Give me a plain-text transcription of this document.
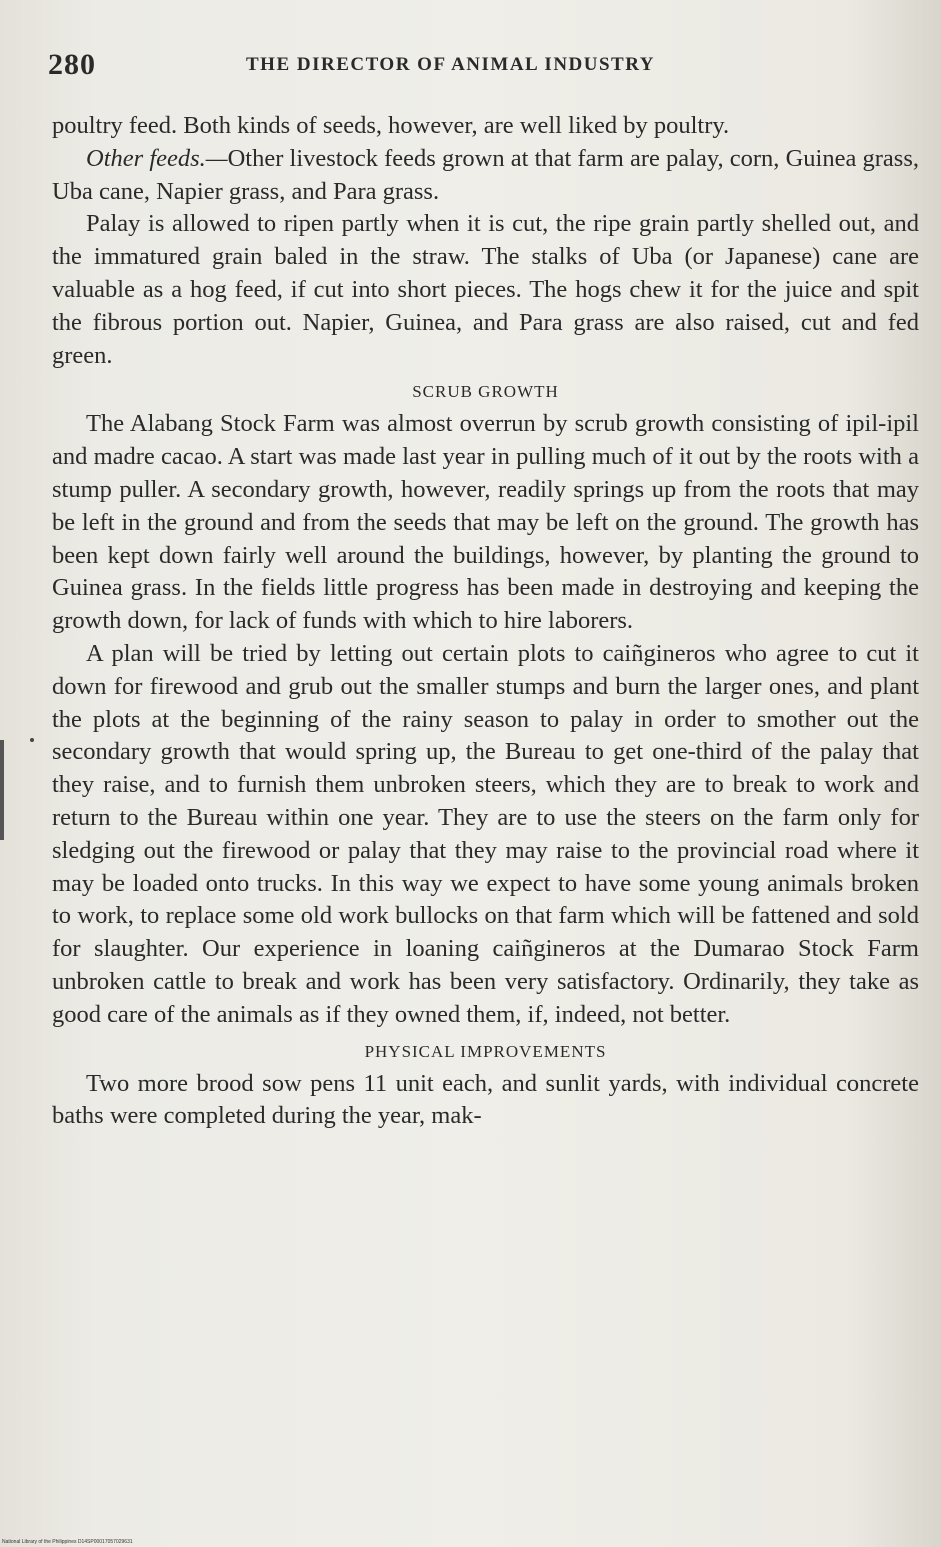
280	THE DIRECTOR OF ANIMAL INDUSTRY

poultry feed. Both kinds of seeds, however, are well liked by poultry.

Other feeds.—Other livestock feeds grown at that farm are palay, corn, Guinea grass, Uba cane, Napier grass, and Para grass.

Palay is allowed to ripen partly when it is cut, the ripe grain partly shelled out, and the immatured grain baled in the straw. The stalks of Uba (or Japanese) cane are valuable as a hog feed, if cut into short pieces. The hogs chew it for the juice and spit the fibrous portion out. Napier, Guinea, and Para grass are also raised, cut and fed green.

SCRUB GROWTH

The Alabang Stock Farm was almost overrun by scrub growth consisting of ipil-ipil and madre cacao. A start was made last year in pulling much of it out by the roots with a stump puller. A secondary growth, however, readily springs up from the roots that may be left in the ground and from the seeds that may be left on the ground. The growth has been kept down fairly well around the buildings, however, by planting the ground to Guinea grass. In the fields little progress has been made in destroying and keeping the growth down, for lack of funds with which to hire laborers.

A plan will be tried by letting out certain plots to caiñgineros who agree to cut it down for firewood and grub out the smaller stumps and burn the larger ones, and plant the plots at the beginning of the rainy season to palay in order to smother out the secondary growth that would spring up, the Bureau to get one-third of the palay that they raise, and to furnish them unbroken steers, which they are to break to work and return to the Bureau within one year. They are to use the steers on the farm only for sledging out the firewood or palay that they may raise to the provincial road where it may be loaded onto trucks. In this way we expect to have some young animals broken to work, to replace some old work bullocks on that farm which will be fattened and sold for slaughter. Our experience in loaning caiñgineros at the Dumarao Stock Farm unbroken cattle to break and work has been very satisfactory. Ordinarily, they take as good care of the animals as if they owned them, if, indeed, not better.

PHYSICAL IMPROVEMENTS

Two more brood sow pens 11 unit each, and sunlit yards, with individual concrete baths were completed during the year, mak-

National Library of the Philippines D14SP00017057029631
